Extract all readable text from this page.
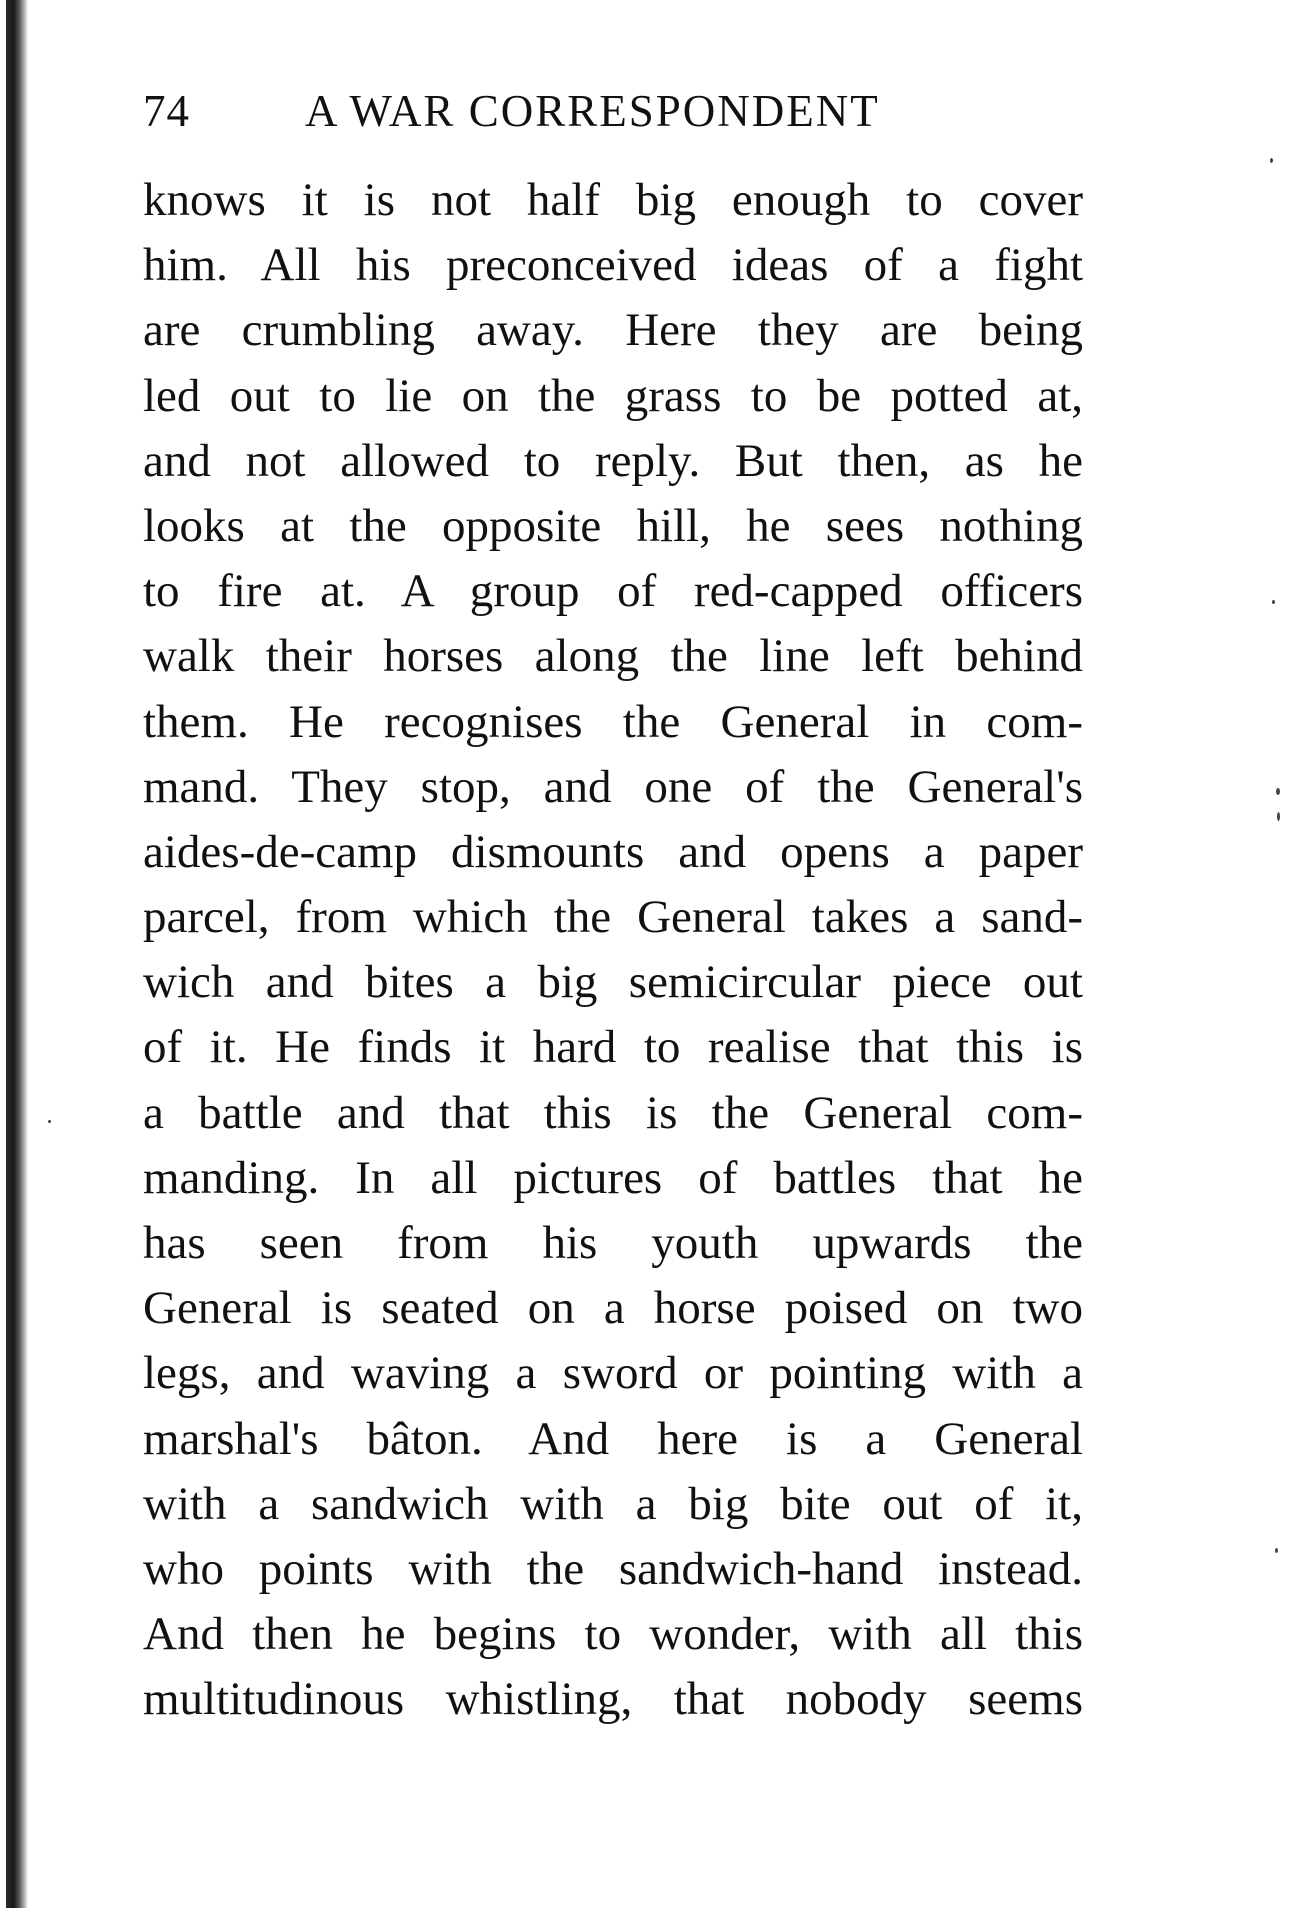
74	A WAR CORRESPONDENT
knows it is not half big enough to cover
him. All his preconceived ideas of a fight
are crumbling away. Here they are being
led out to lie on the grass to be potted at,
and not allowed to reply. But then, as he
looks at the opposite hill, he sees nothing
to fire at. A group of red-capped officers
walk their horses along the line left behind
them. He recognises the General in com-
mand. They stop, and one of the General's
aides-de-camp dismounts and opens a paper
parcel, from which the General takes a sand-
wich and bites a big semicircular piece out
of it. He finds it hard to realise that this is
a battle and that this is the General com-
manding. In all pictures of battles that he
has seen from his youth upwards the
General is seated on a horse poised on two
legs, and waving a sword or pointing with a
marshal's bâton. And here is a General
with a sandwich with a big bite out of it,
who points with the sandwich-hand instead.
And then he begins to wonder, with all this
multitudinous whistling, that nobody seems
